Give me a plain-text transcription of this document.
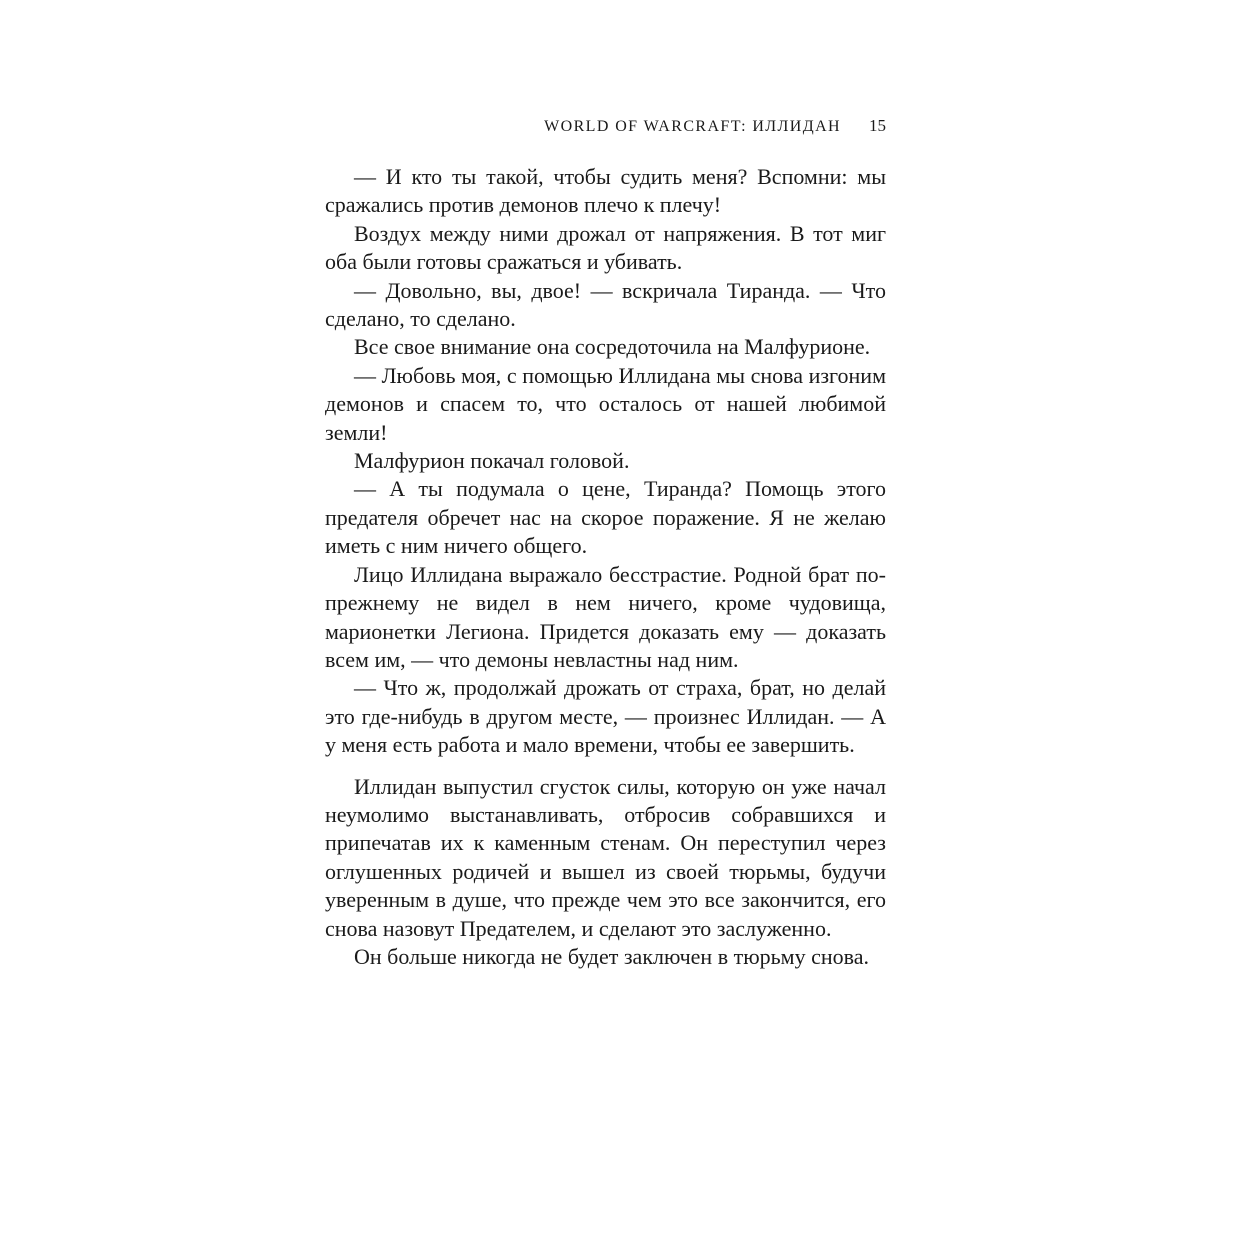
WORLD OF WARCRAFT: ИЛЛИДАН 15

— И кто ты такой, чтобы судить меня? Вспомни: мы сражались против демонов плечо к плечу!

Воздух между ними дрожал от напряжения. В тот миг оба были готовы сражаться и убивать.

— Довольно, вы, двое! — вскричала Тиранда. — Что сделано, то сделано.

Все свое внимание она сосредоточила на Малфурионе.

— Любовь моя, с помощью Иллидана мы снова изгоним демонов и спасем то, что осталось от нашей любимой земли!

Малфурион покачал головой.

— А ты подумала о цене, Тиранда? Помощь этого предателя обречет нас на скорое поражение. Я не желаю иметь с ним ничего общего.

Лицо Иллидана выражало бесстрастие. Родной брат по-прежнему не видел в нем ничего, кроме чудовища, марионетки Легиона. Придется доказать ему — доказать всем им, — что демоны невластны над ним.

— Что ж, продолжай дрожать от страха, брат, но делай это где-нибудь в другом месте, — произнес Иллидан. — А у меня есть работа и мало времени, чтобы ее завершить.

Иллидан выпустил сгусток силы, которую он уже начал неумолимо выстанавливать, отбросив собравшихся и припечатав их к каменным стенам. Он переступил через оглушенных родичей и вышел из своей тюрьмы, будучи уверенным в душе, что прежде чем это все закончится, его снова назовут Предателем, и сделают это заслуженно.

Он больше никогда не будет заключен в тюрьму снова.
